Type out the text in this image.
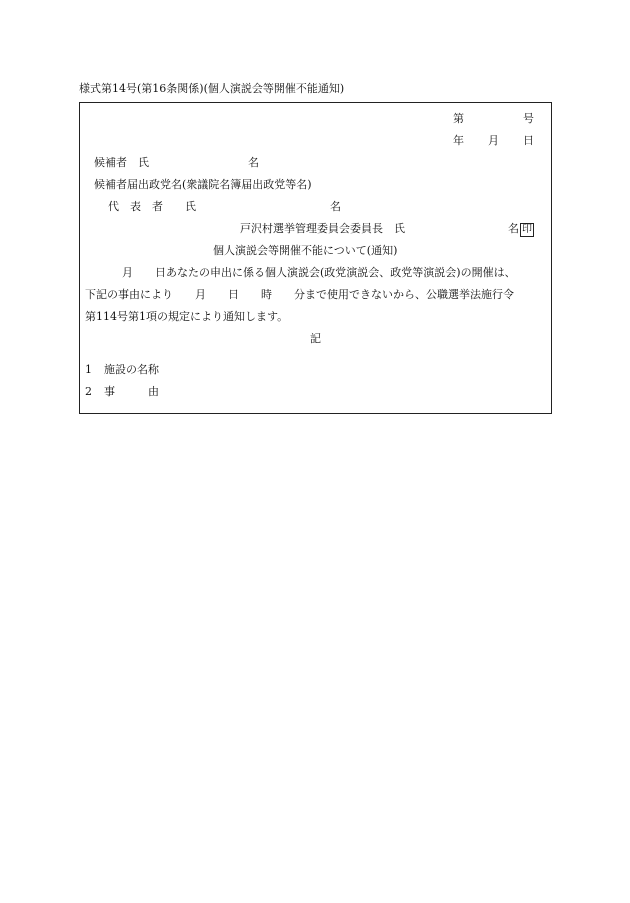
様式第14号(第16条関係)(個人演説会等開催不能通知)
第	号
年 月 日
候補者　氏	名
候補者届出政党名(衆議院名簿届出政党等名)
代　表　者　　氏	名
戸沢村選挙管理委員会委員長　氏	名 印
個人演説会等開催不能について(通知)
月　　日あなたの申出に係る個人演説会(政党演説会、政党等演説会)の開催は、
下記の事由により　　月　　日　　時　　分まで使用できないから、公職選挙法施行令
第114号第1項の規定により通知します。
記
1 施設の名称
2 事　　　由
